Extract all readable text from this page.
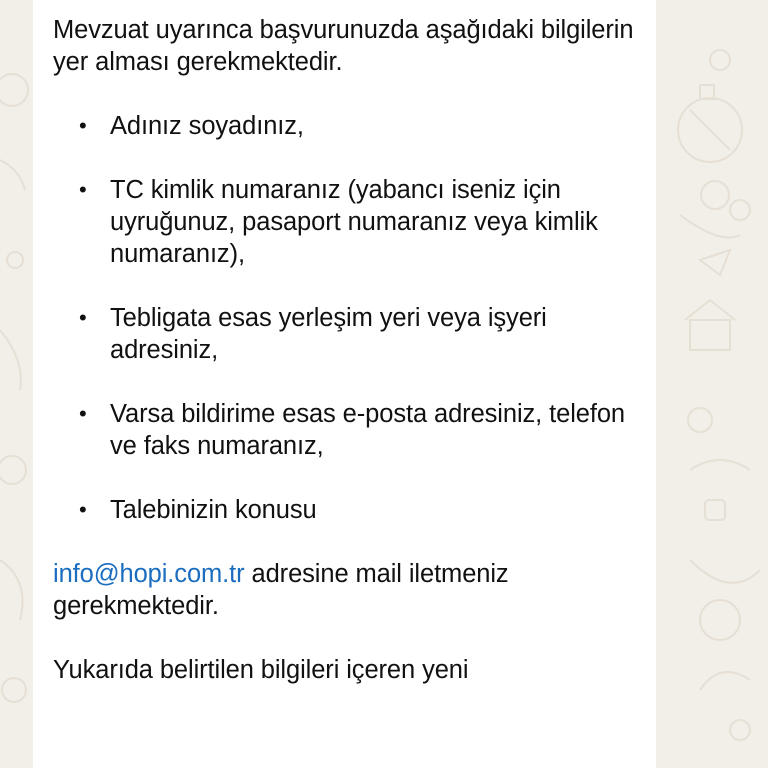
Mevzuat uyarınca başvurunuzda aşağıdaki bilgilerin yer alması gerekmektedir.

• Adınız soyadınız,
• TC kimlik numaranız (yabancı iseniz için uyruğunuz, pasaport numaranız veya kimlik numaranız),
• Tebligata esas yerleşim yeri veya işyeri adresiniz,
• Varsa bildirime esas e-posta adresiniz, telefon ve faks numaranız,
• Talebinizin konusu

info@hopi.com.tr adresine mail iletmeniz gerekmektedir.

Yukarıda belirtilen bilgileri içeren yeni
